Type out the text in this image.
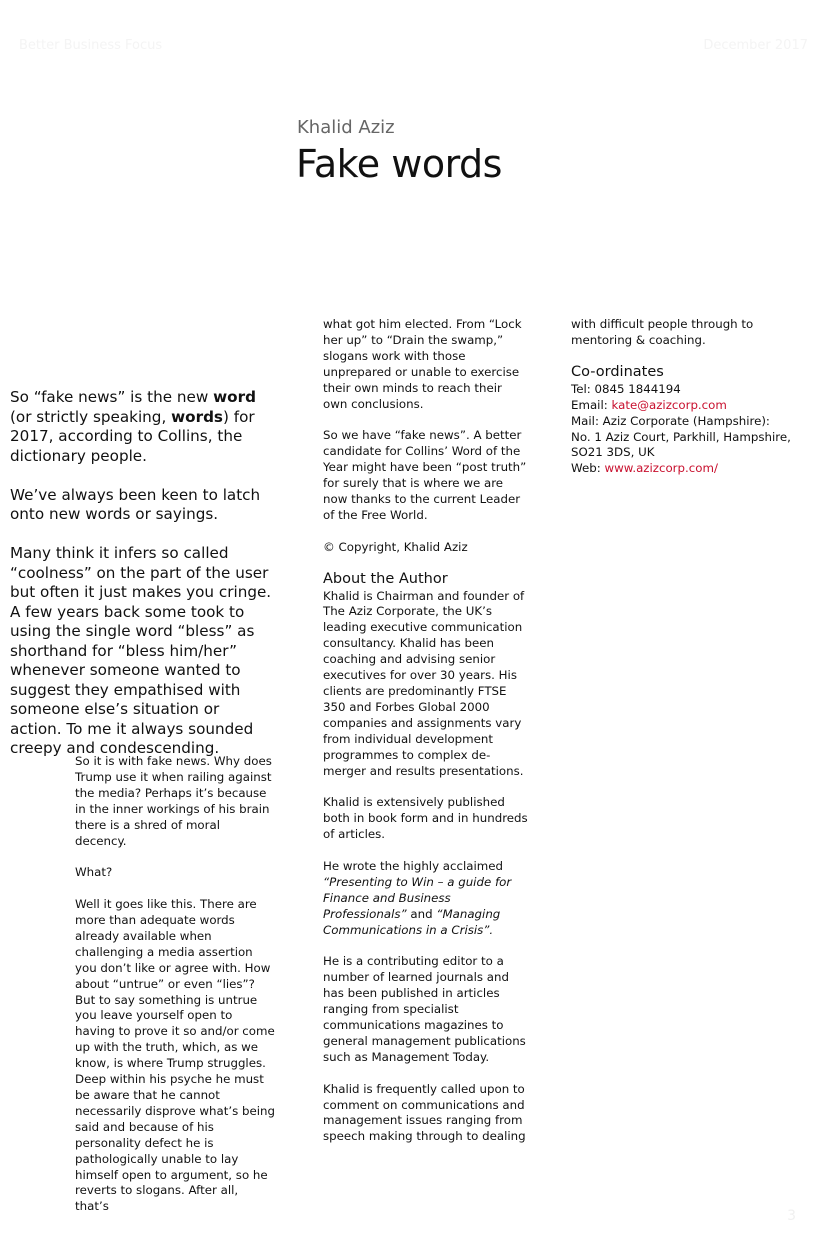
Better Business Focus	December 2017
Khalid Aziz
Fake words

So “fake news” is the new word (or strictly speaking, words) for 2017, according to Collins, the dictionary people.

We’ve always been keen to latch onto new words or sayings.

Many think it infers so called “coolness” on the part of the user but often it just makes you cringe. A few years back some took to using the single word “bless” as shorthand for “bless him/her” whenever someone wanted to suggest they empathised with someone else’s situation or action. To me it always sounded creepy and condescending.

So it is with fake news. Why does Trump use it when railing against the media? Perhaps it’s because in the inner workings of his brain there is a shred of moral decency.

What?

Well it goes like this. There are more than adequate words already available when challenging a media assertion you don’t like or agree with. How about “untrue” or even “lies”? But to say something is untrue you leave yourself open to having to prove it so and/or come up with the truth, which, as we know, is where Trump struggles. Deep within his psyche he must be aware that he cannot necessarily disprove what’s being said and because of his personality defect he is pathologically unable to lay himself open to argument, so he reverts to slogans. After all, that’s

what got him elected. From “Lock her up” to “Drain the swamp,” slogans work with those unprepared or unable to exercise their own minds to reach their own conclusions.

So we have “fake news”. A better candidate for Collins’ Word of the Year might have been “post truth” for surely that is where we are now thanks to the current Leader of the Free World.

© Copyright, Khalid Aziz

About the Author

Khalid is Chairman and founder of The Aziz Corporate, the UK’s leading executive communication consultancy. Khalid has been coaching and advising senior executives for over 30 years. His clients are predominantly FTSE 350 and Forbes Global 2000 companies and assignments vary from individual development programmes to complex de-merger and results presentations.

Khalid is extensively published both in book form and in hundreds of articles.

He wrote the highly acclaimed “Presenting to Win – a guide for Finance and Business Professionals” and “Managing Communications in a Crisis”.

He is a contributing editor to a number of learned journals and has been published in articles ranging from specialist communications magazines to general management publications such as Management Today.

Khalid is frequently called upon to comment on communications and management issues ranging from speech making through to dealing

with difficult people through to mentoring & coaching.

Co-ordinates

Tel: 0845 1844194

Email: kate@azizcorp.com

Mail: Aziz Corporate (Hampshire):
No. 1 Aziz Court, Parkhill, Hampshire, SO21 3DS, UK

Web: www.azizcorp.com/

3
